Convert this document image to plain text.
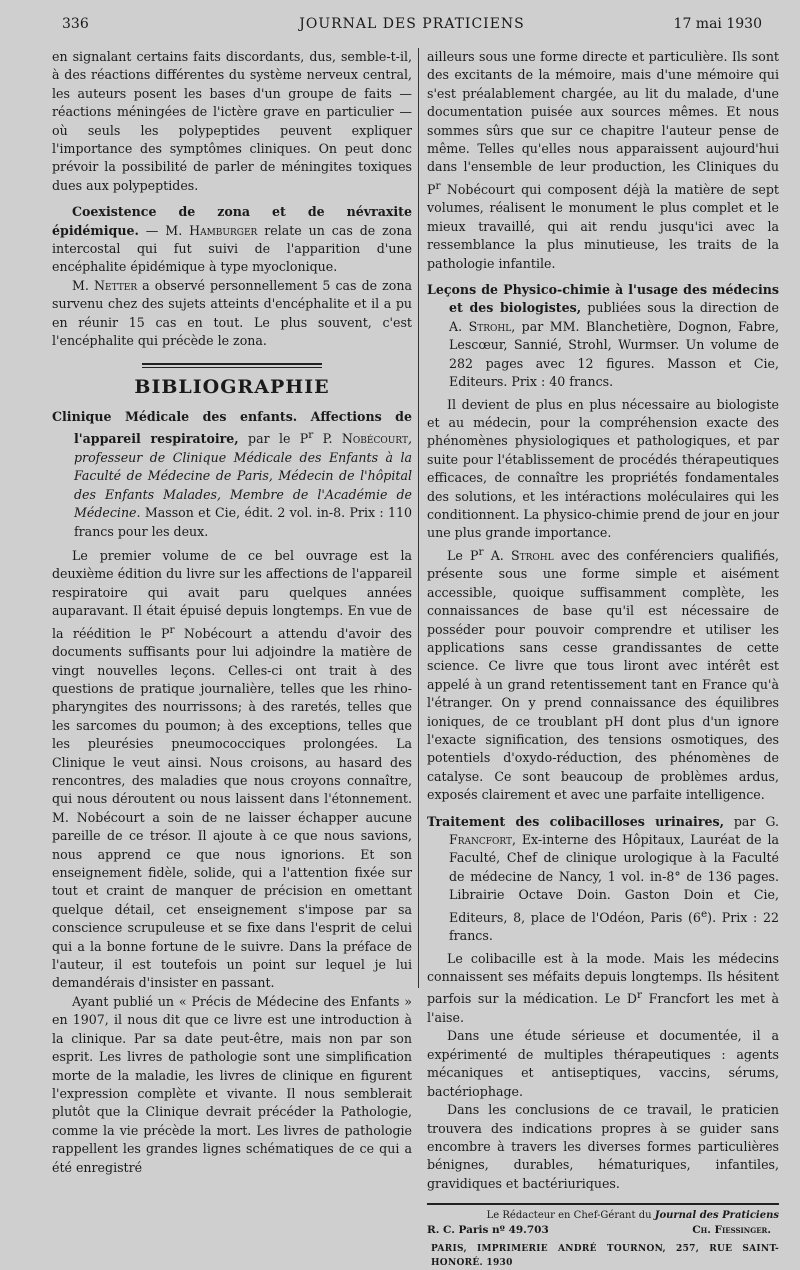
336	JOURNAL DES PRATICIENS	17 mai 1930

en signalant certains faits discordants, dus, semble-t-il, à des réactions différentes du système nerveux central, les auteurs posent les bases d'un groupe de faits — réactions méningées de l'ictère grave en particulier — où seuls les polypeptides peuvent expliquer l'importance des symptômes cliniques. On peut donc prévoir la possibilité de parler de méningites toxiques dues aux polypeptides.

Coexistence de zona et de névraxite épidémique. — M. Hamburger relate un cas de zona intercostal qui fut suivi de l'apparition d'une encéphalite épidémique à type myoclonique.

M. Netter a observé personnellement 5 cas de zona survenu chez des sujets atteints d'encéphalite et il a pu en réunir 15 cas en tout. Le plus souvent, c'est l'encéphalite qui précède le zona.

BIBLIOGRAPHIE

Clinique Médicale des enfants. Affections de l'appareil respiratoire, par le $P^r$ P. Nobécourt, professeur de Clinique Médicale des Enfants à la Faculté de Médecine de Paris, Médecin de l'hôpital des Enfants Malades, Membre de l'Académie de Médecine. Masson et Cie, édit. 2 vol. in-8. Prix : 110 francs pour les deux.

Le premier volume de ce bel ouvrage est la deuxième édition du livre sur les affections de l'appareil respiratoire qui avait paru quelques années auparavant. Il était épuisé depuis longtemps. En vue de la réédition le $P^r$ Nobécourt a attendu d'avoir des documents suffisants pour lui adjoindre la matière de vingt nouvelles leçons. Celles-ci ont trait à des questions de pratique journalière, telles que les rhino-pharyngites des nourrissons; à des raretés, telles que les sarcomes du poumon; à des exceptions, telles que les pleurésies pneumococciques prolongées. La Clinique le veut ainsi. Nous croisons, au hasard des rencontres, des maladies que nous croyons connaître, qui nous déroutent ou nous laissent dans l'étonnement. M. Nobécourt a soin de ne laisser échapper aucune pareille de ce trésor. Il ajoute à ce que nous savions, nous apprend ce que nous ignorions. Et son enseignement fidèle, solide, qui a l'attention fixée sur tout et craint de manquer de précision en omettant quelque détail, cet enseignement s'impose par sa conscience scrupuleuse et se fixe dans l'esprit de celui qui a la bonne fortune de le suivre. Dans la préface de l'auteur, il est toutefois un point sur lequel je lui demandérais d'insister en passant.

Ayant publié un « Précis de Médecine des Enfants » en 1907, il nous dit que ce livre est une introduction à la clinique. Par sa date peut-être, mais non par son esprit. Les livres de pathologie sont une simplification morte de la maladie, les livres de clinique en figurent l'expression complète et vivante. Il nous semblerait plutôt que la Clinique devrait précéder la Pathologie, comme la vie précède la mort. Les livres de pathologie rappellent les grandes lignes schématiques de ce qui a été enregistré

ailleurs sous une forme directe et particulière. Ils sont des excitants de la mémoire, mais d'une mémoire qui s'est préalablement chargée, au lit du malade, d'une documentation puisée aux sources mêmes. Et nous sommes sûrs que sur ce chapitre l'auteur pense de même. Telles qu'elles nous apparaissent aujourd'hui dans l'ensemble de leur production, les Cliniques du $P^r$ Nobécourt qui composent déjà la matière de sept volumes, réalisent le monument le plus complet et le mieux travaillé, qui ait rendu jusqu'ici avec la ressemblance la plus minutieuse, les traits de la pathologie infantile.

Leçons de Physico-chimie à l'usage des médecins et des biologistes, publiées sous la direction de A. Strohl, par MM. Blanchetière, Dognon, Fabre, Lescœur, Sannié, Strohl, Wurmser. Un volume de 282 pages avec 12 figures. Masson et Cie, Editeurs. Prix : 40 francs.

Il devient de plus en plus nécessaire au biologiste et au médecin, pour la compréhension exacte des phénomènes physiologiques et pathologiques, et par suite pour l'établissement de procédés thérapeutiques efficaces, de connaître les propriétés fondamentales des solutions, et les intéractions moléculaires qui les conditionnent. La physico-chimie prend de jour en jour une plus grande importance.

Le $P^r$ A. Strohl avec des conférenciers qualifiés, présente sous une forme simple et aisément accessible, quoique suffisamment complète, les connaissances de base qu'il est nécessaire de posséder pour pouvoir comprendre et utiliser les applications sans cesse grandissantes de cette science. Ce livre que tous liront avec intérêt est appelé à un grand retentissement tant en France qu'à l'étranger. On y prend connaissance des équilibres ioniques, de ce troublant pH dont plus d'un ignore l'exacte signification, des tensions osmotiques, des potentiels d'oxydo-réduction, des phénomènes de catalyse. Ce sont beaucoup de problèmes ardus, exposés clairement et avec une parfaite intelligence.

Traitement des colibacilloses urinaires, par G. Francfort, Ex-interne des Hôpitaux, Lauréat de la Faculté, Chef de clinique urologique à la Faculté de médecine de Nancy, 1 vol. in-8° de 136 pages. Librairie Octave Doin. Gaston Doin et Cie, Editeurs, 8, place de l'Odéon, Paris (6e). Prix : 22 francs.

Le colibacille est à la mode. Mais les médecins connaissent ses méfaits depuis longtemps. Ils hésitent parfois sur la médication. Le $D^r$ Francfort les met à l'aise.

Dans une étude sérieuse et documentée, il a expérimenté de multiples thérapeutiques : agents mécaniques et antiseptiques, vaccins, sérums, bactériophage.

Dans les conclusions de ce travail, le praticien trouvera des indications propres à se guider sans encombre à travers les diverses formes particulières bénignes, durables, hématuriques, infantiles, gravidiques et bactériuriques.

Le Rédacteur en Chef-Gérant du Journal des Praticiens
R. C. Paris nº 49.703	Ch. Fiessinger.
PARIS, IMPRIMERIE ANDRÉ TOURNON, 257, RUE SAINT-HONORÉ. 1930
